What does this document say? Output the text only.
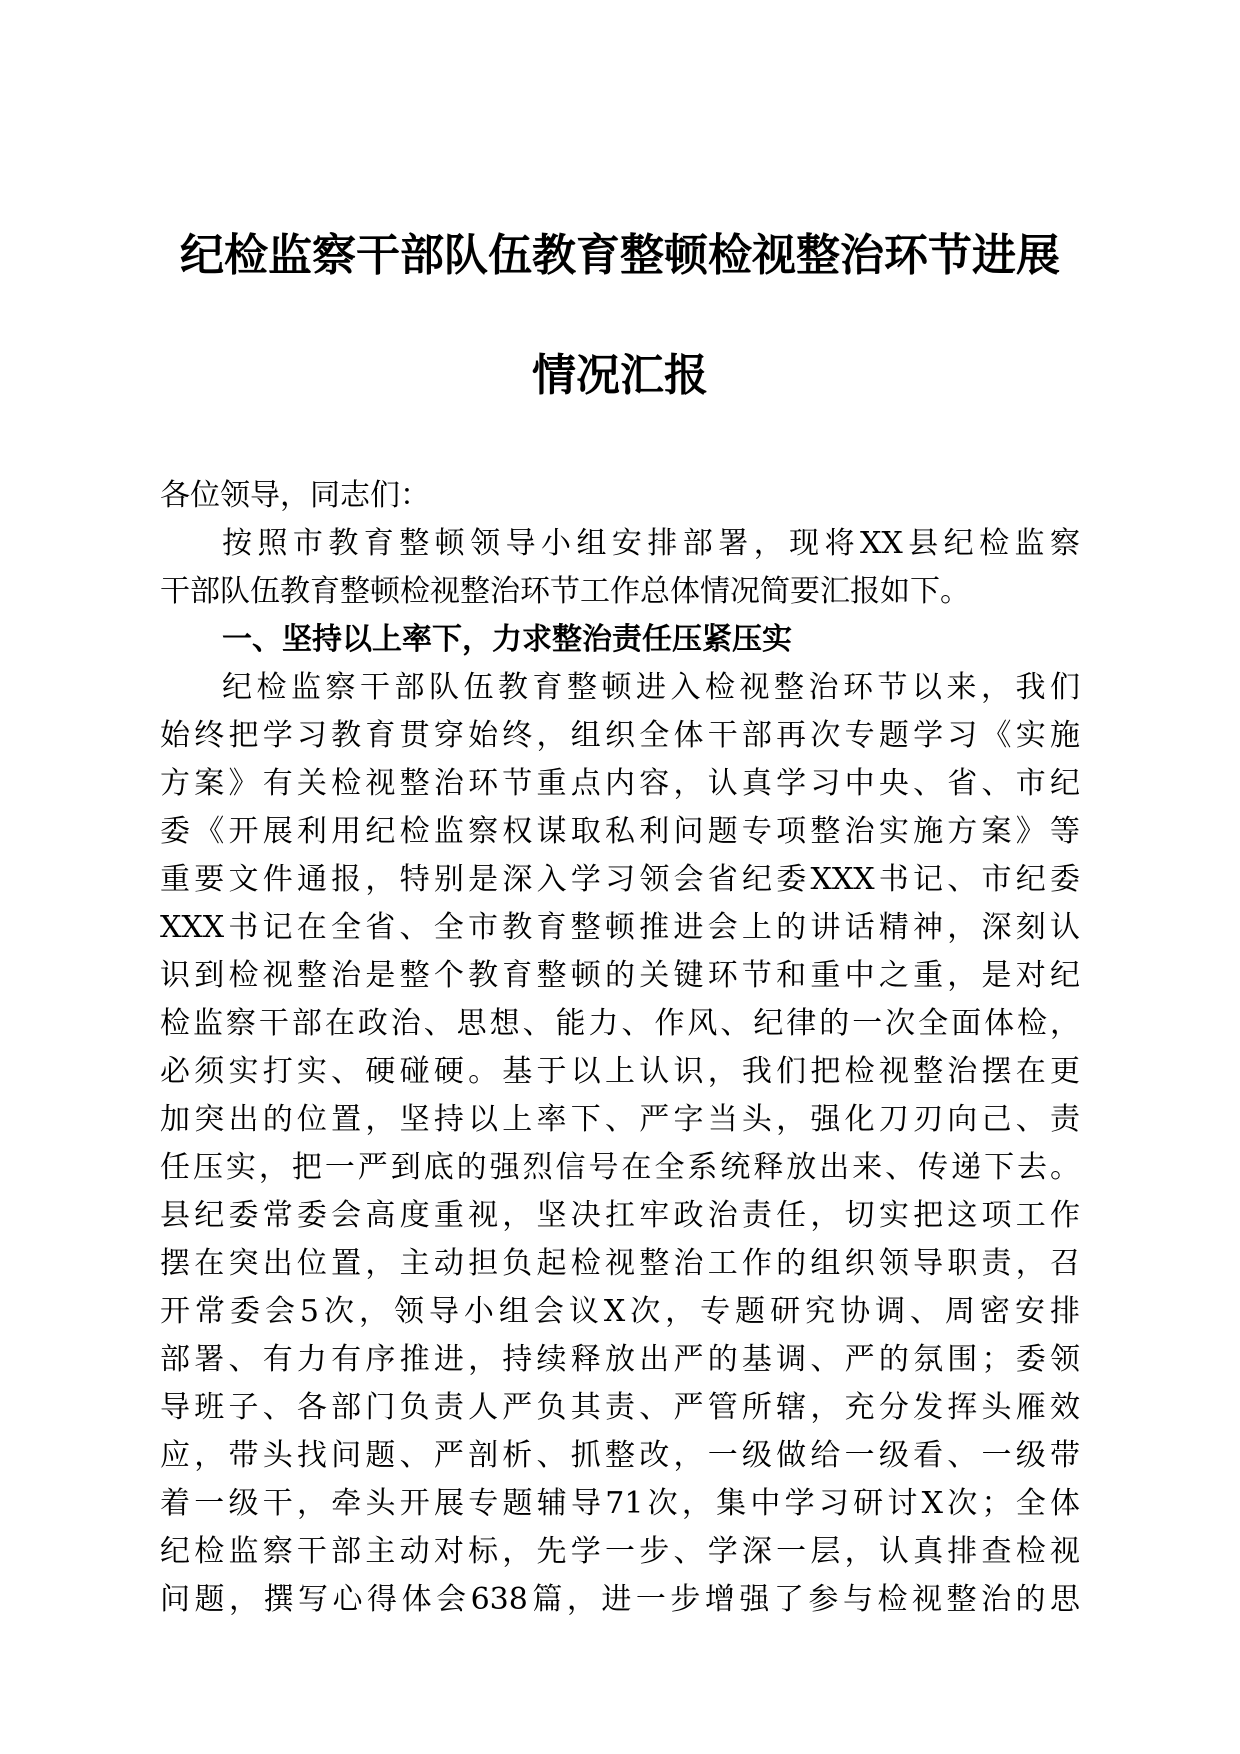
纪检监察干部队伍教育整顿检视整治环节进展
情况汇报
各位领导，同志们：
按照市教育整顿领导小组安排部署，现将XX县纪检监察
干部队伍教育整顿检视整治环节工作总体情况简要汇报如下。
一、坚持以上率下，力求整治责任压紧压实
纪检监察干部队伍教育整顿进入检视整治环节以来，我们
始终把学习教育贯穿始终，组织全体干部再次专题学习《实施
方案》有关检视整治环节重点内容，认真学习中央、省、市纪
委《开展利用纪检监察权谋取私利问题专项整治实施方案》等
重要文件通报，特别是深入学习领会省纪委XXX书记、市纪委
XXX书记在全省、全市教育整顿推进会上的讲话精神，深刻认
识到检视整治是整个教育整顿的关键环节和重中之重，是对纪
检监察干部在政治、思想、能力、作风、纪律的一次全面体检，
必须实打实、硬碰硬。基于以上认识，我们把检视整治摆在更
加突出的位置，坚持以上率下、严字当头，强化刀刃向己、责
任压实，把一严到底的强烈信号在全系统释放出来、传递下去。
县纪委常委会高度重视，坚决扛牢政治责任，切实把这项工作
摆在突出位置，主动担负起检视整治工作的组织领导职责，召
开常委会5次，领导小组会议X次，专题研究协调、周密安排
部署、有力有序推进，持续释放出严的基调、严的氛围；委领
导班子、各部门负责人严负其责、严管所辖，充分发挥头雁效
应，带头找问题、严剖析、抓整改，一级做给一级看、一级带
着一级干，牵头开展专题辅导71次，集中学习研讨X次；全体
纪检监察干部主动对标，先学一步、学深一层，认真排查检视
问题，撰写心得体会638篇，进一步增强了参与检视整治的思
